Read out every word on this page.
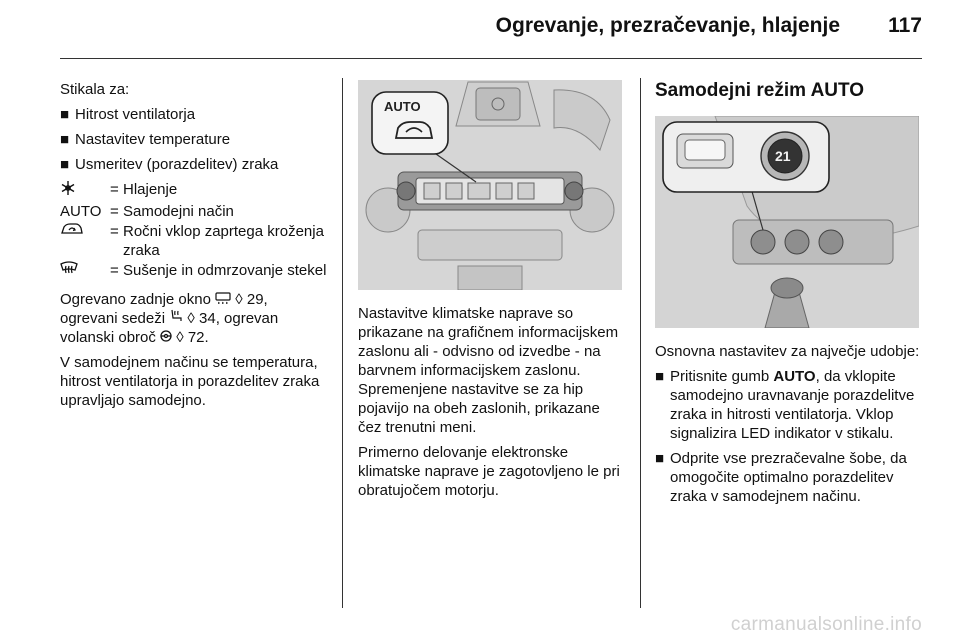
Ogrevanje, prezračevanje, hlajenje 117

Stikala za:

■ Hitrost ventilatorja
■ Nastavitev temperature
■ Usmeritev (porazdelitev) zraka
= Hlajenje
AUTO = Samodejni način
= Ročni vklop zaprtega kroženja zraka
= Sušenje in odmrzovanje stekel

Ogrevano zadnje okno ◊ 29,
ogrevani sedeži ◊ 34, ogrevan
volanski obroč ◊ 72.

V samodejnem načinu se temperatura, hitrost ventilatorja in porazdelitev zraka upravljajo samodejno.

AUTO

Nastavitve klimatske naprave so prikazane na grafičnem informacijskem zaslonu ali - odvisno od izvedbe - na barvnem informacijskem zaslonu. Spremenjene nastavitve se za hip pojavijo na obeh zaslonih, prikazane čez trenutni meni.

Primerno delovanje elektronske klimatske naprave je zagotovljeno le pri obratujočem motorju.

Samodejni režim AUTO
21

Osnovna nastavitev za največje udobje:

■ Pritisnite gumb AUTO, da vklopite samodejno uravnavanje porazdelitve zraka in hitrosti ventilatorja. Vklop signalizira LED indikator v stikalu.
■ Odprite vse prezračevalne šobe, da omogočite optimalno porazdelitev zraka v samodejnem načinu.
carmanualsonline.info
